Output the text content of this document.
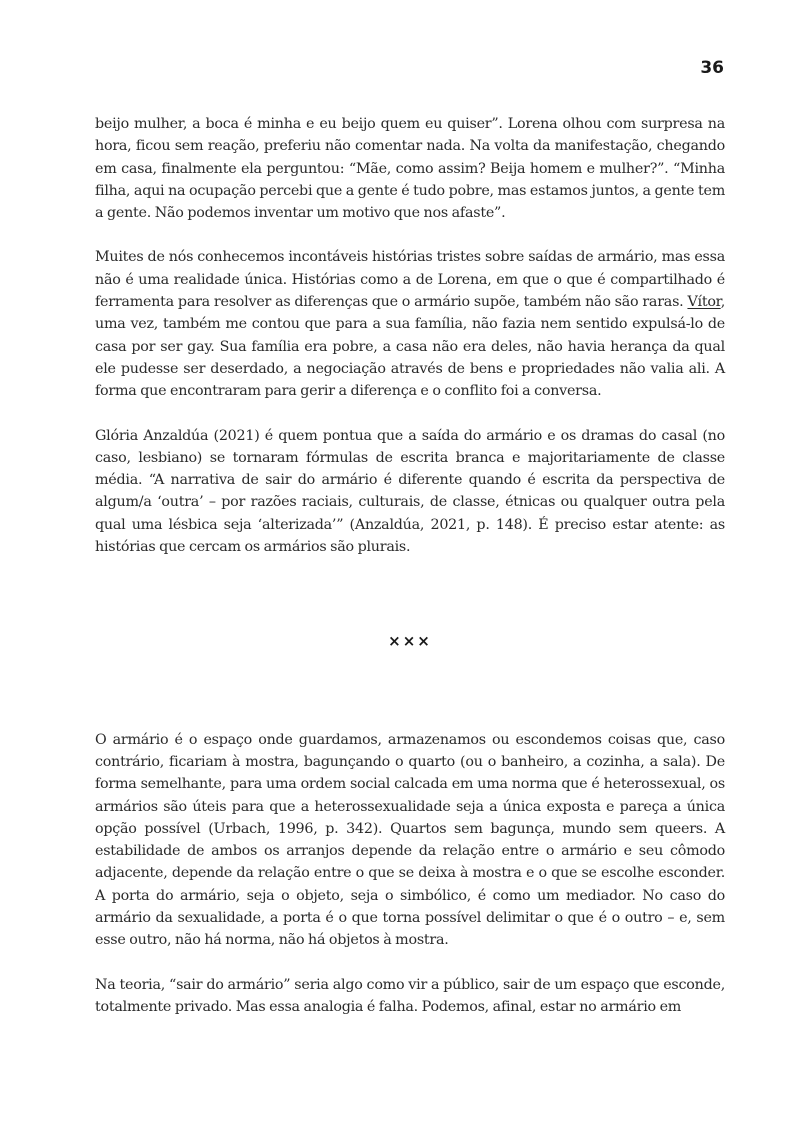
36

beijo mulher, a boca é minha e eu beijo quem eu quiser”. Lorena olhou com surpresa na hora, ficou sem reação, preferiu não comentar nada. Na volta da manifestação, chegando em casa, finalmente ela perguntou: “Mãe, como assim? Beija homem e mulher?”. “Minha filha, aqui na ocupação percebi que a gente é tudo pobre, mas estamos juntos, a gente tem a gente. Não podemos inventar um motivo que nos afaste”.

Muites de nós conhecemos incontáveis histórias tristes sobre saídas de armário, mas essa não é uma realidade única. Histórias como a de Lorena, em que o que é compartilhado é ferramenta para resolver as diferenças que o armário supõe, também não são raras. Vítor, uma vez, também me contou que para a sua família, não fazia nem sentido expulsá-lo de casa por ser gay. Sua família era pobre, a casa não era deles, não havia herança da qual ele pudesse ser deserdado, a negociação através de bens e propriedades não valia ali. A forma que encontraram para gerir a diferença e o conflito foi a conversa.

Glória Anzaldúa (2021) é quem pontua que a saída do armário e os dramas do casal (no caso, lesbiano) se tornaram fórmulas de escrita branca e majoritariamente de classe média. “A narrativa de sair do armário é diferente quando é escrita da perspectiva de algum/a ‘outra’ – por razões raciais, culturais, de classe, étnicas ou qualquer outra pela qual uma lésbica seja ‘alterizada’” (Anzaldúa, 2021, p. 148). É preciso estar atente: as histórias que cercam os armários são plurais.

×××

O armário é o espaço onde guardamos, armazenamos ou escondemos coisas que, caso contrário, ficariam à mostra, bagunçando o quarto (ou o banheiro, a cozinha, a sala). De forma semelhante, para uma ordem social calcada em uma norma que é heterossexual, os armários são úteis para que a heterossexualidade seja a única exposta e pareça a única opção possível (Urbach, 1996, p. 342). Quartos sem bagunça, mundo sem queers. A estabilidade de ambos os arranjos depende da relação entre o armário e seu cômodo adjacente, depende da relação entre o que se deixa à mostra e o que se escolhe esconder. A porta do armário, seja o objeto, seja o simbólico, é como um mediador. No caso do armário da sexualidade, a porta é o que torna possível delimitar o que é o outro – e, sem esse outro, não há norma, não há objetos à mostra.

Na teoria, “sair do armário” seria algo como vir a público, sair de um espaço que esconde, totalmente privado. Mas essa analogia é falha. Podemos, afinal, estar no armário em
